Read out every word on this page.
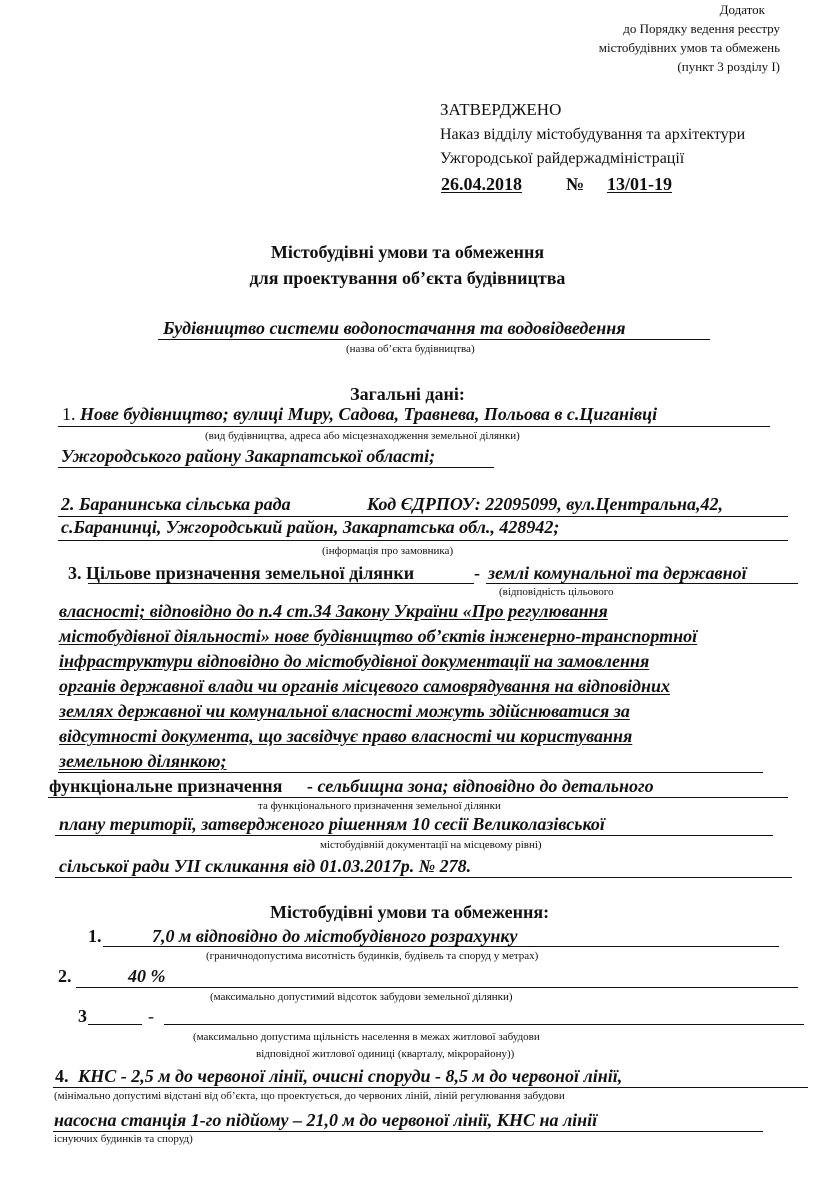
Додаток
до Порядку ведення реєстру
містобудівних умов та обмежень
(пункт 3 розділу I)
ЗАТВЕРДЖЕНО
Наказ відділу містобудування та архітектури
Ужгородської райдержадміністрації
26.04.2018 № 13/01-19
Містобудівні умови та обмеження
для проектування об’єкта будівництва
Будівництво системи водопостачання та водовідведення
(назва об’єкта будівництва)
Загальні дані:
1. Нове будівництво; вулиці Миру, Садова, Травнева, Польова в с.Циганівці
(вид будівництва, адреса або місцезнаходження земельної ділянки)
Ужгородського району Закарпатської області;
2. Баранинська сільська рада	Код ЄДРПОУ: 22095099, вул.Центральна,42,
с.Баранинці, Ужгородський район, Закарпатська обл., 428942;
(інформація про замовника)
3. Цільове призначення земельної ділянки	- землі комунальної та державної
(відповідність цільового
власності; відповідно до п.4 ст.34 Закону України «Про регулювання
містобудівної діяльності» нове будівництво об’єктів інженерно-транспортної
інфраструктури відповідно до містобудівної документації на замовлення
органів державної влади чи органів місцевого самоврядування на відповідних
землях державної чи комунальної власності можуть здійснюватися за
відсутності документа, що засвідчує право власності чи користування
земельною ділянкою;
функціональне призначення - сельбищна зона; відповідно до детального
та функціонального призначення земельної ділянки
плану території, затвердженого рішенням 10 сесії Великолазівської
містобудівній документації на місцевому рівні)
сільської ради УІІ скликання від 01.03.2017р. № 278.
Містобудівні умови та обмеження:
1.	7,0 м відповідно до містобудівного розрахунку
(граничнодопустима висотність будинків, будівель та споруд у метрах)
2.	40 %
(максимально допустимий відсоток забудови земельної ділянки)
3	-
(максимально допустима щільність населення в межах житлової забудови
відповідної житлової одиниці (кварталу, мікрорайону))
4. КНС - 2,5 м до червоної лінії, очисні споруди - 8,5 м до червоної лінії,
(мінімально допустимі відстані від об’єкта, що проектується, до червоних ліній, ліній регулювання забудови
насосна станція 1-го підйому – 21,0 м до червоної лінії, КНС на лінії
існуючих будинків та споруд)
